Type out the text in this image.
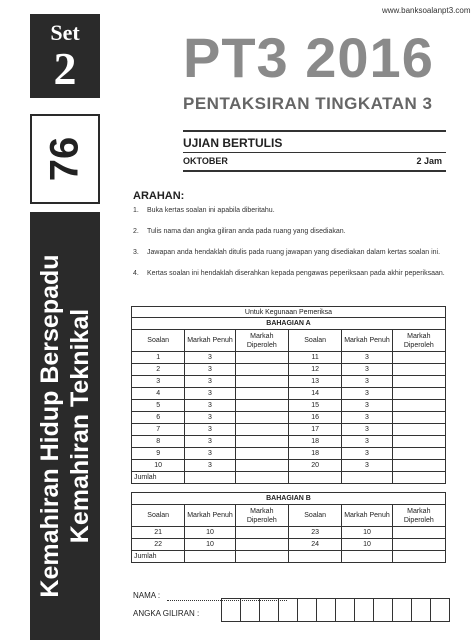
www.banksoalanpt3.com
Set
2
76
Kemahiran Hidup Bersepadu Kemahiran Teknikal
PT3 2016
PENTAKSIRAN TINGKATAN 3
UJIAN BERTULIS
OKTOBER	2 Jam
ARAHAN:
1.	Buka kertas soalan ini apabila diberitahu.
2.	Tulis nama dan angka giliran anda pada ruang yang disediakan.
3.	Jawapan anda hendaklah ditulis pada ruang jawapan yang disediakan dalam kertas soalan ini.
4.	Kertas soalan ini hendaklah diserahkan kepada pengawas peperiksaan pada akhir peperiksaan.
Untuk Kegunaan Pemeriksa					
BAHAGIAN A					
Soalan	Markah Penuh	Markah Diperoleh	Soalan	Markah Penuh	Markah Diperoleh
1	3		11	3	
2	3		12	3	
3	3		13	3	
4	3		14	3	
5	3		15	3	
6	3		16	3	
7	3		17	3	
8	3		18	3	
9	3		18	3	
10	3		20	3	
Jumlah					

BAHAGIAN B					
Soalan	Markah Penuh	Markah Diperoleh	Soalan	Markah Penuh	Markah Diperoleh
21	10		23	10	
22	10		24	10	
Jumlah					
NAMA :
ANGKA GILIRAN :
